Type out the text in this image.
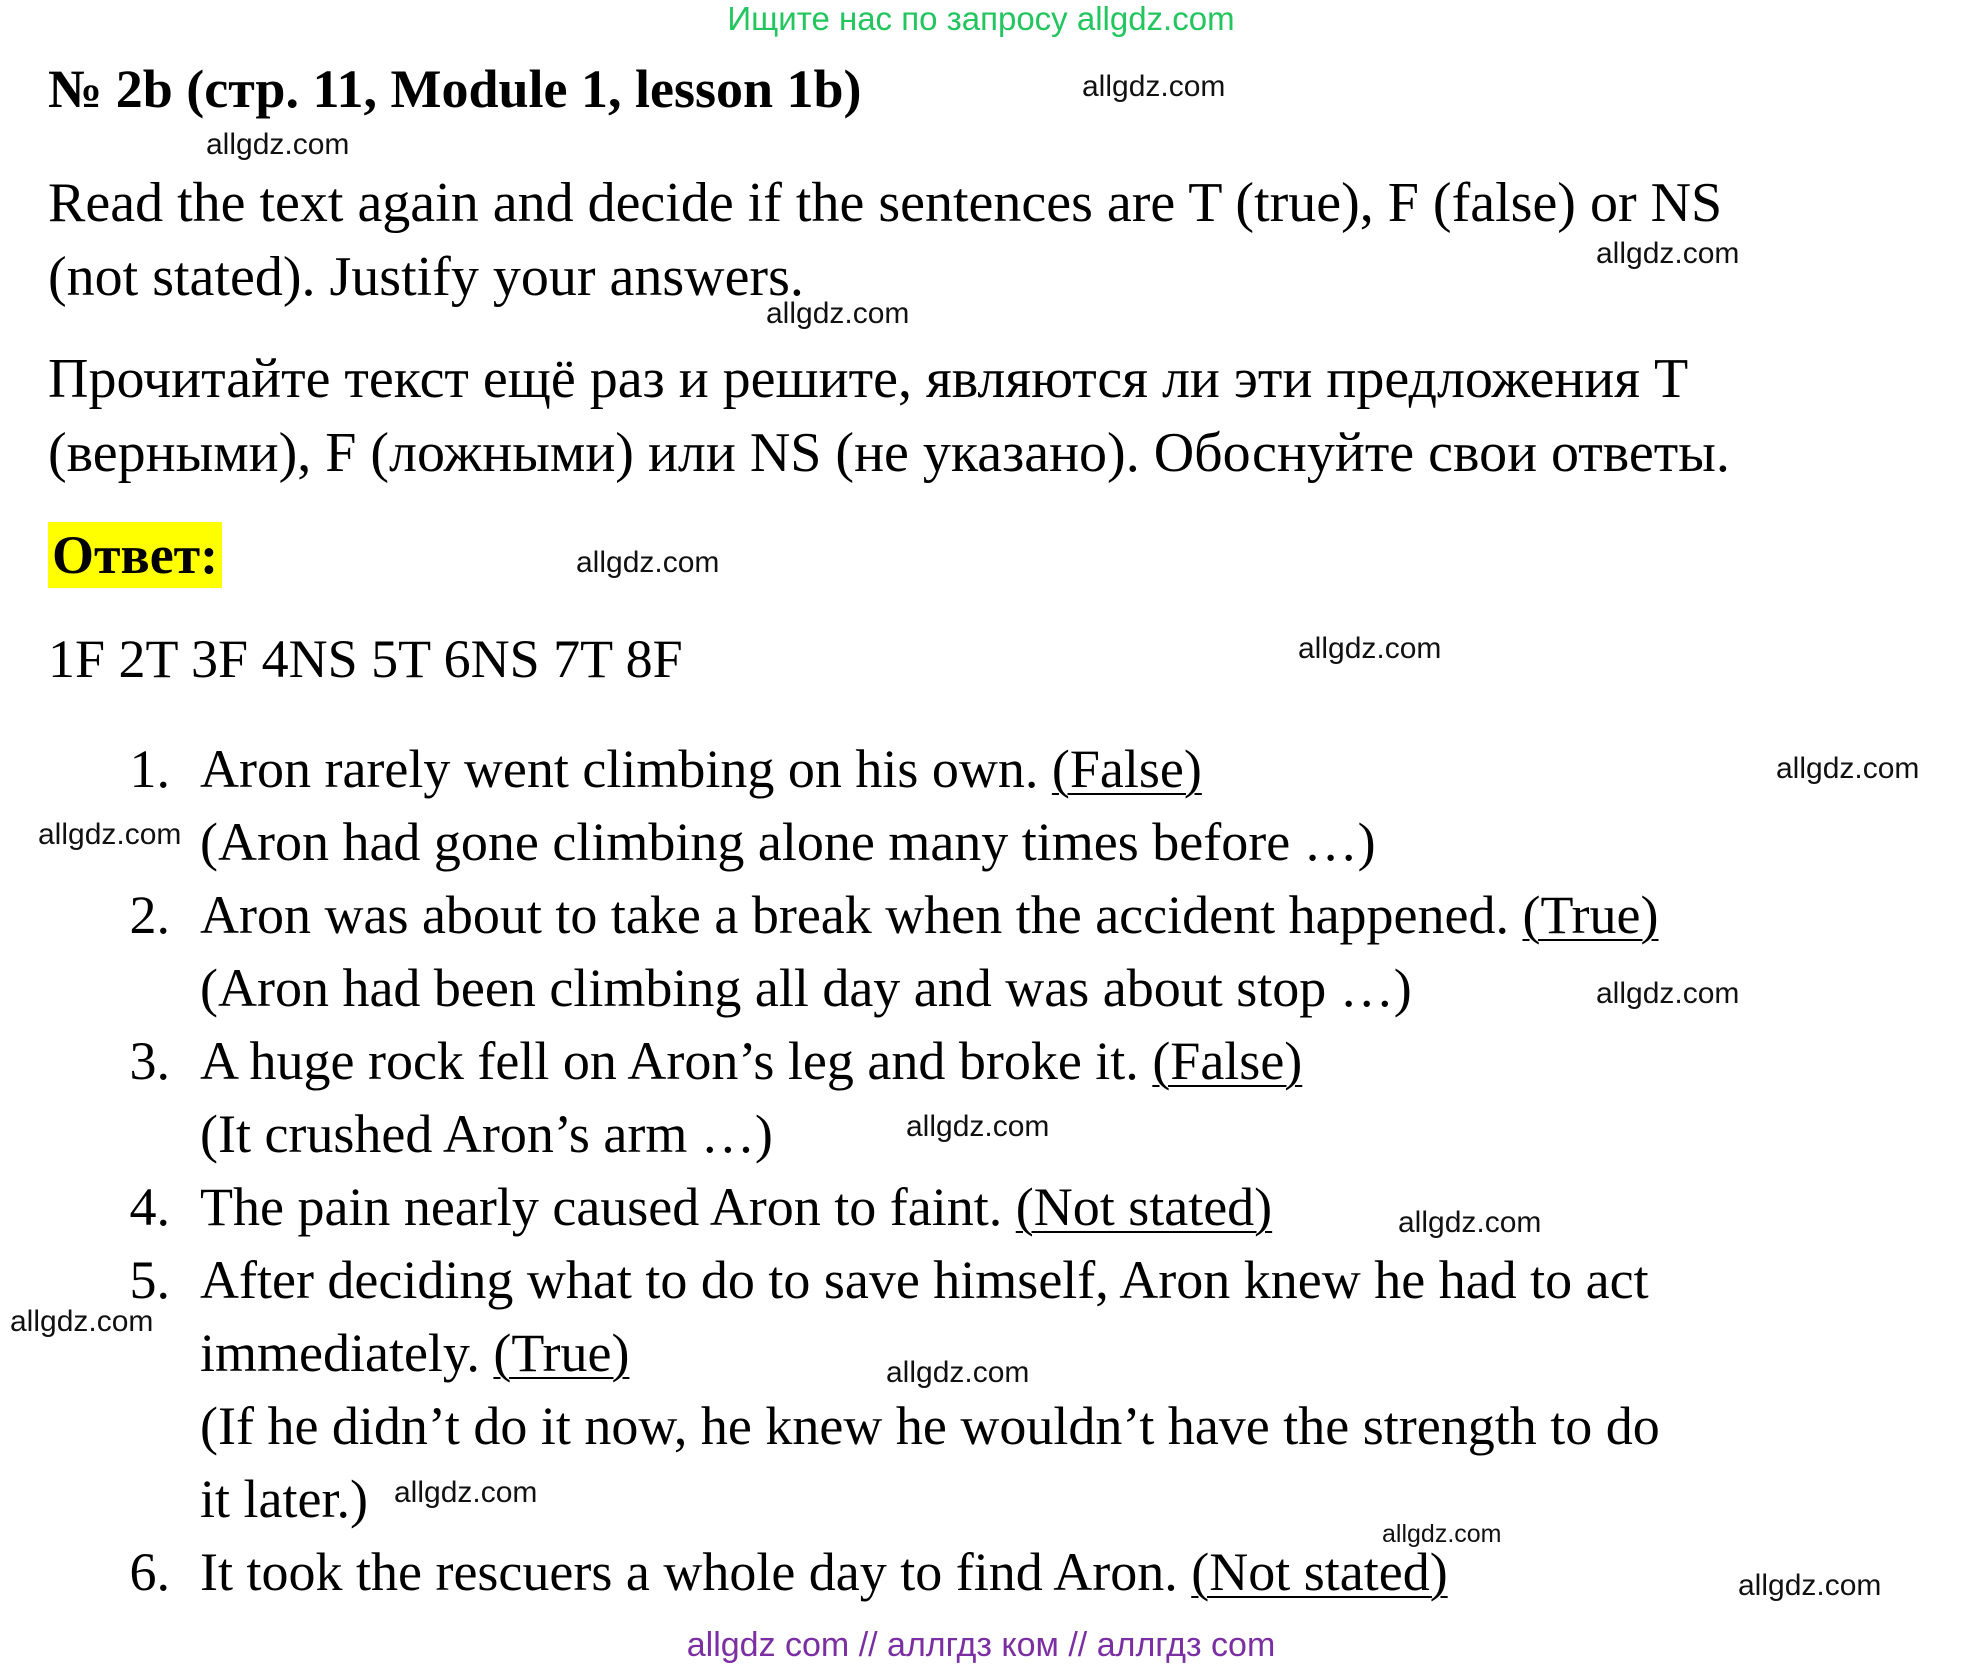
Ищите нас по запросу allgdz.com
№ 2b (стр. 11, Module 1, lesson 1b)
Read the text again and decide if the sentences are T (true), F (false) or NS
(not stated). Justify your answers.
Прочитайте текст ещё раз и решите, являются ли эти предложения T
(верными), F (ложными) или NS (не указано). Обоснуйте свои ответы.
Ответ:
1F 2T 3F 4NS 5T 6NS 7T 8F
1. Aron rarely went climbing on his own. (False)
(Aron had gone climbing alone many times before …)
2. Aron was about to take a break when the accident happened. (True)
(Aron had been climbing all day and was about stop …)
3. A huge rock fell on Aron’s leg and broke it. (False)
(It crushed Aron’s arm …)
4. The pain nearly caused Aron to faint. (Not stated)
5. After deciding what to do to save himself, Aron knew he had to act
immediately. (True)
(If he didn’t do it now, he knew he wouldn’t have the strength to do
it later.)
6. It took the rescuers a whole day to find Aron. (Not stated)
allgdz.com
allgdz.com
allgdz.com
allgdz.com
allgdz.com
allgdz.com
allgdz.com
allgdz.com
allgdz.com
allgdz.com
allgdz.com
allgdz.com
allgdz.com
allgdz.com
allgdz.com
allgdz.com
allgdz com // аллгдз ком // аллгдз com
